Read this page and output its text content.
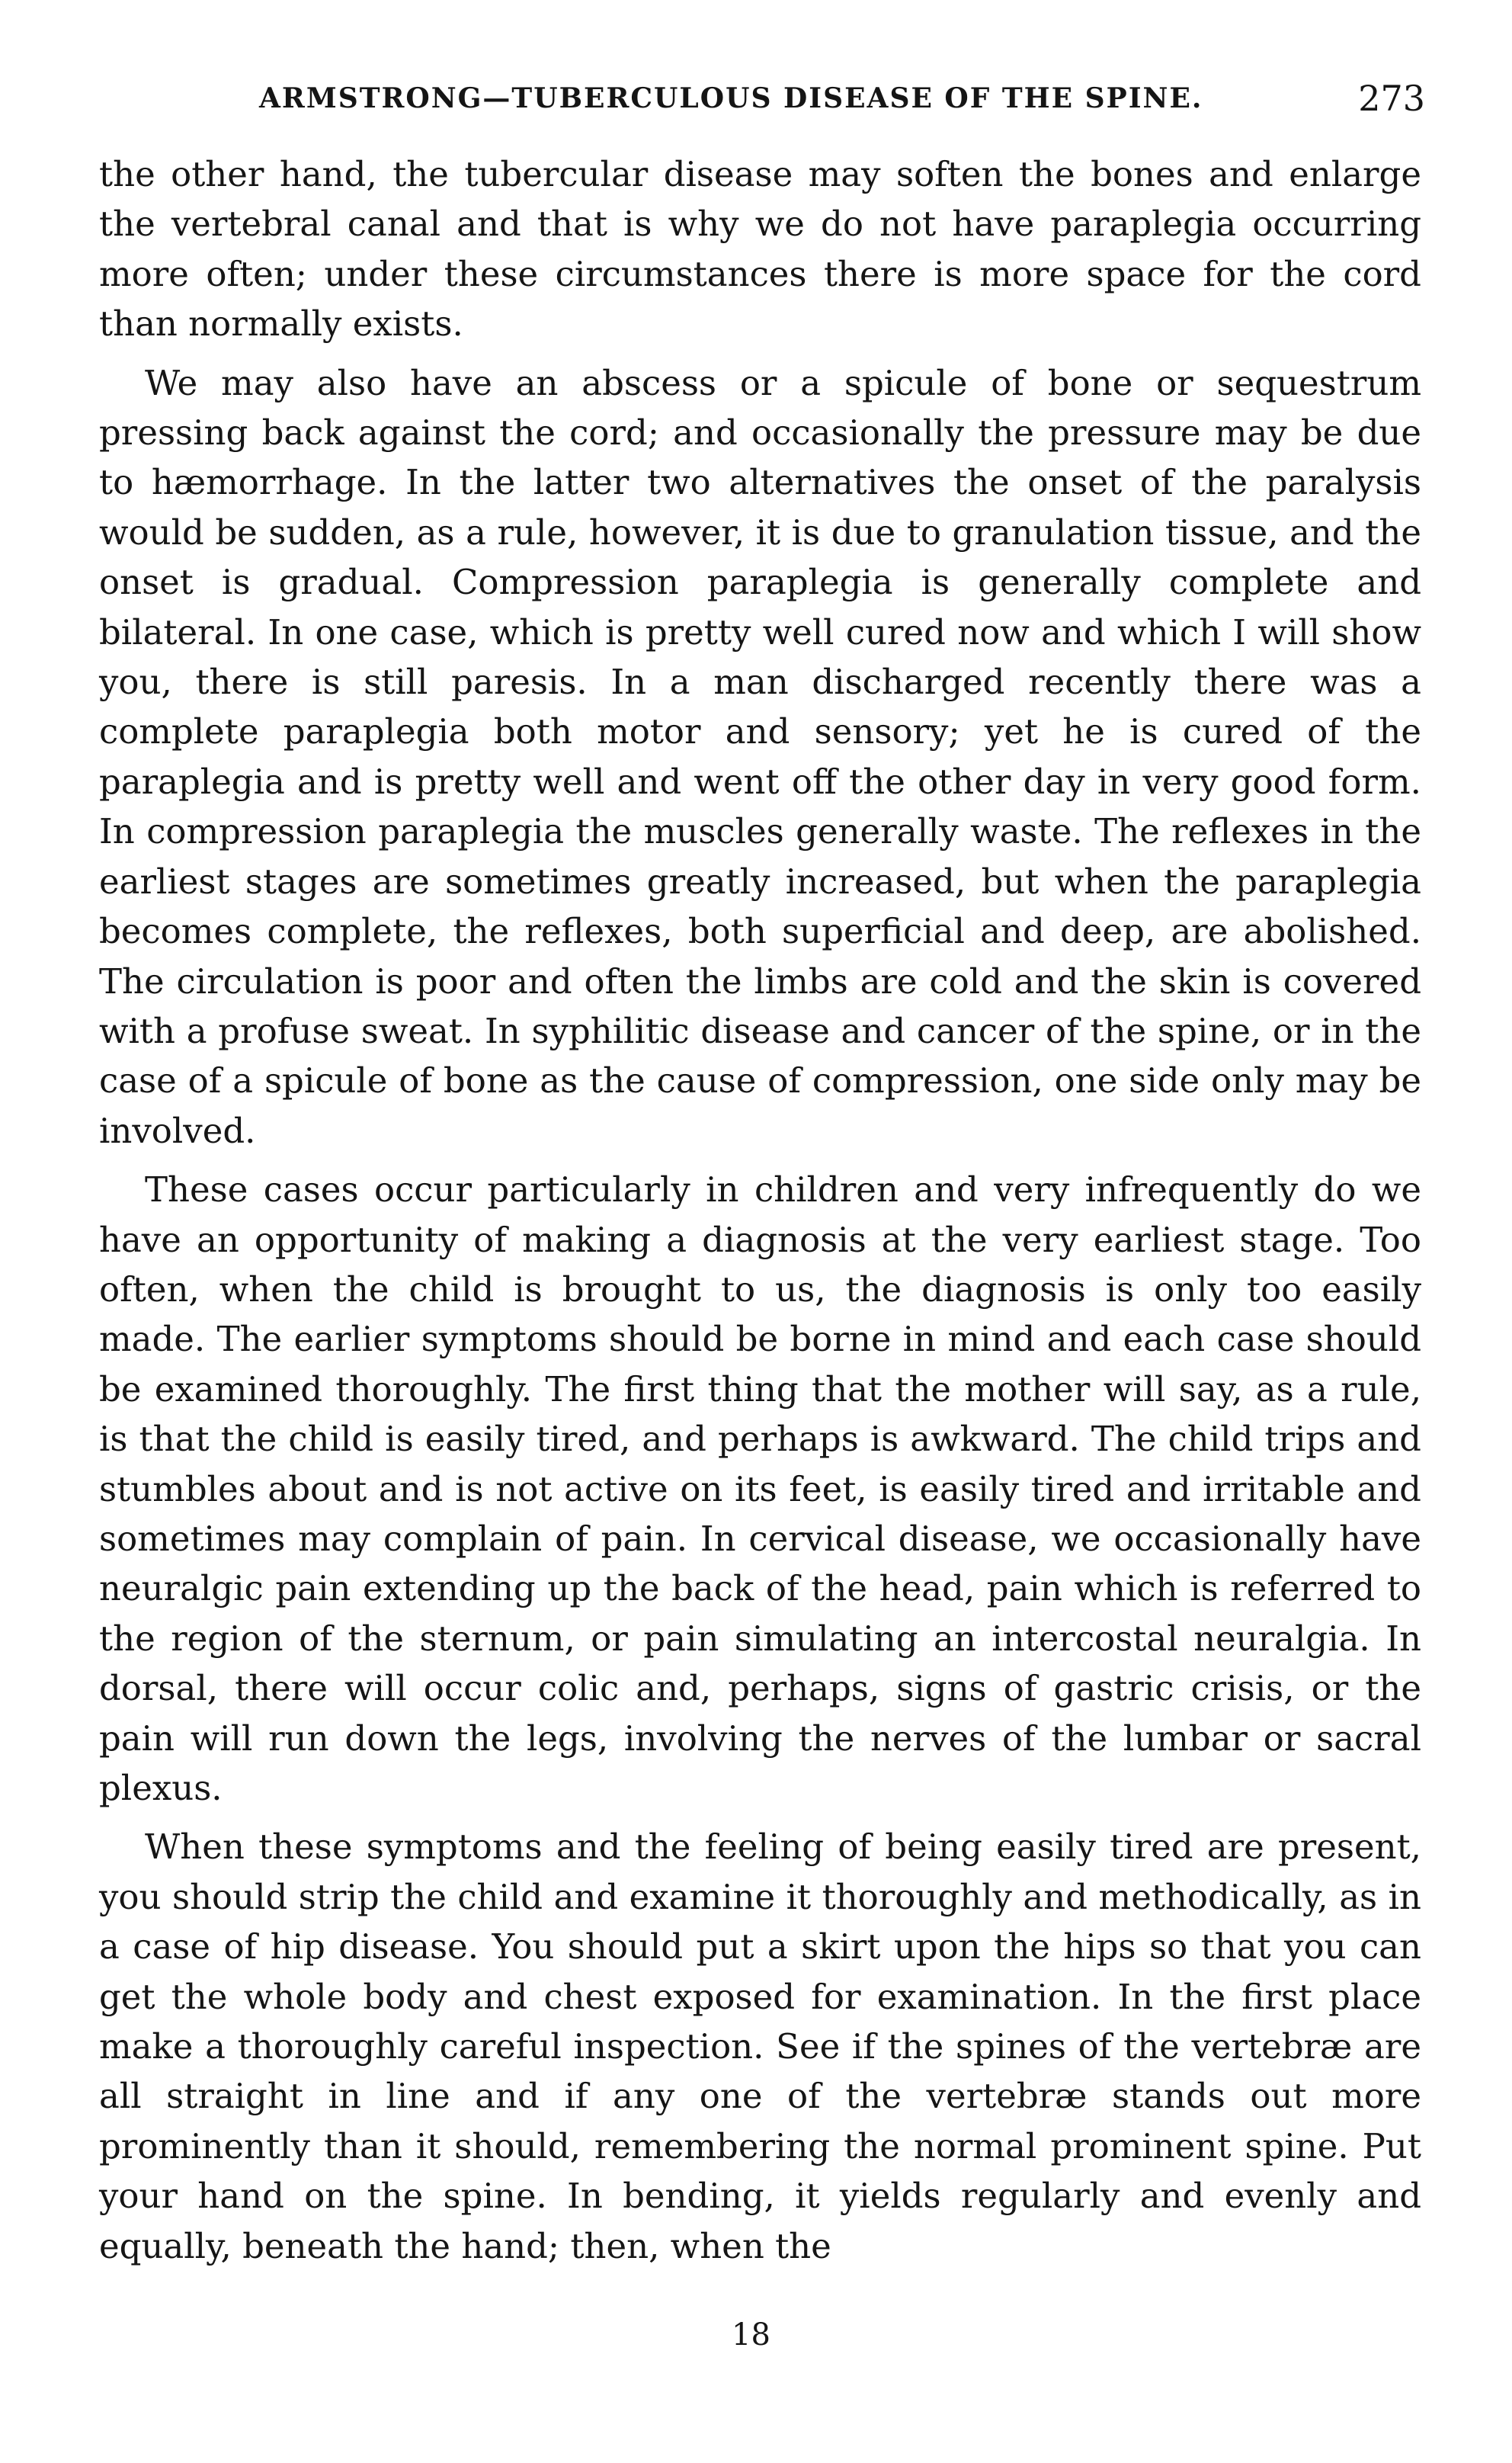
ARMSTRONG—TUBERCULOUS DISEASE OF THE SPINE.	273

the other hand, the tubercular disease may soften the bones and enlarge the vertebral canal and that is why we do not have paraplegia occurring more often; under these circumstances there is more space for the cord than normally exists.

We may also have an abscess or a spicule of bone or sequestrum pressing back against the cord; and occasionally the pressure may be due to hæmorrhage. In the latter two alternatives the onset of the paralysis would be sudden, as a rule, however, it is due to granulation tissue, and the onset is gradual. Compression paraplegia is generally complete and bilateral. In one case, which is pretty well cured now and which I will show you, there is still paresis. In a man discharged recently there was a complete paraplegia both motor and sensory; yet he is cured of the paraplegia and is pretty well and went off the other day in very good form. In compression paraplegia the muscles generally waste. The reflexes in the earliest stages are sometimes greatly increased, but when the paraplegia becomes complete, the reflexes, both superficial and deep, are abolished. The circulation is poor and often the limbs are cold and the skin is covered with a profuse sweat. In syphilitic disease and cancer of the spine, or in the case of a spicule of bone as the cause of compression, one side only may be involved.

These cases occur particularly in children and very infrequently do we have an opportunity of making a diagnosis at the very earliest stage. Too often, when the child is brought to us, the diagnosis is only too easily made. The earlier symptoms should be borne in mind and each case should be examined thoroughly. The first thing that the mother will say, as a rule, is that the child is easily tired, and perhaps is awkward. The child trips and stumbles about and is not active on its feet, is easily tired and irritable and sometimes may complain of pain. In cervical disease, we occasionally have neuralgic pain extending up the back of the head, pain which is referred to the region of the sternum, or pain simulating an intercostal neuralgia. In dorsal, there will occur colic and, perhaps, signs of gastric crisis, or the pain will run down the legs, involving the nerves of the lumbar or sacral plexus.

When these symptoms and the feeling of being easily tired are present, you should strip the child and examine it thoroughly and methodically, as in a case of hip disease. You should put a skirt upon the hips so that you can get the whole body and chest exposed for examination. In the first place make a thoroughly careful inspection. See if the spines of the vertebræ are all straight in line and if any one of the vertebræ stands out more prominently than it should, remembering the normal prominent spine. Put your hand on the spine. In bending, it yields regularly and evenly and equally, beneath the hand; then, when the

18
